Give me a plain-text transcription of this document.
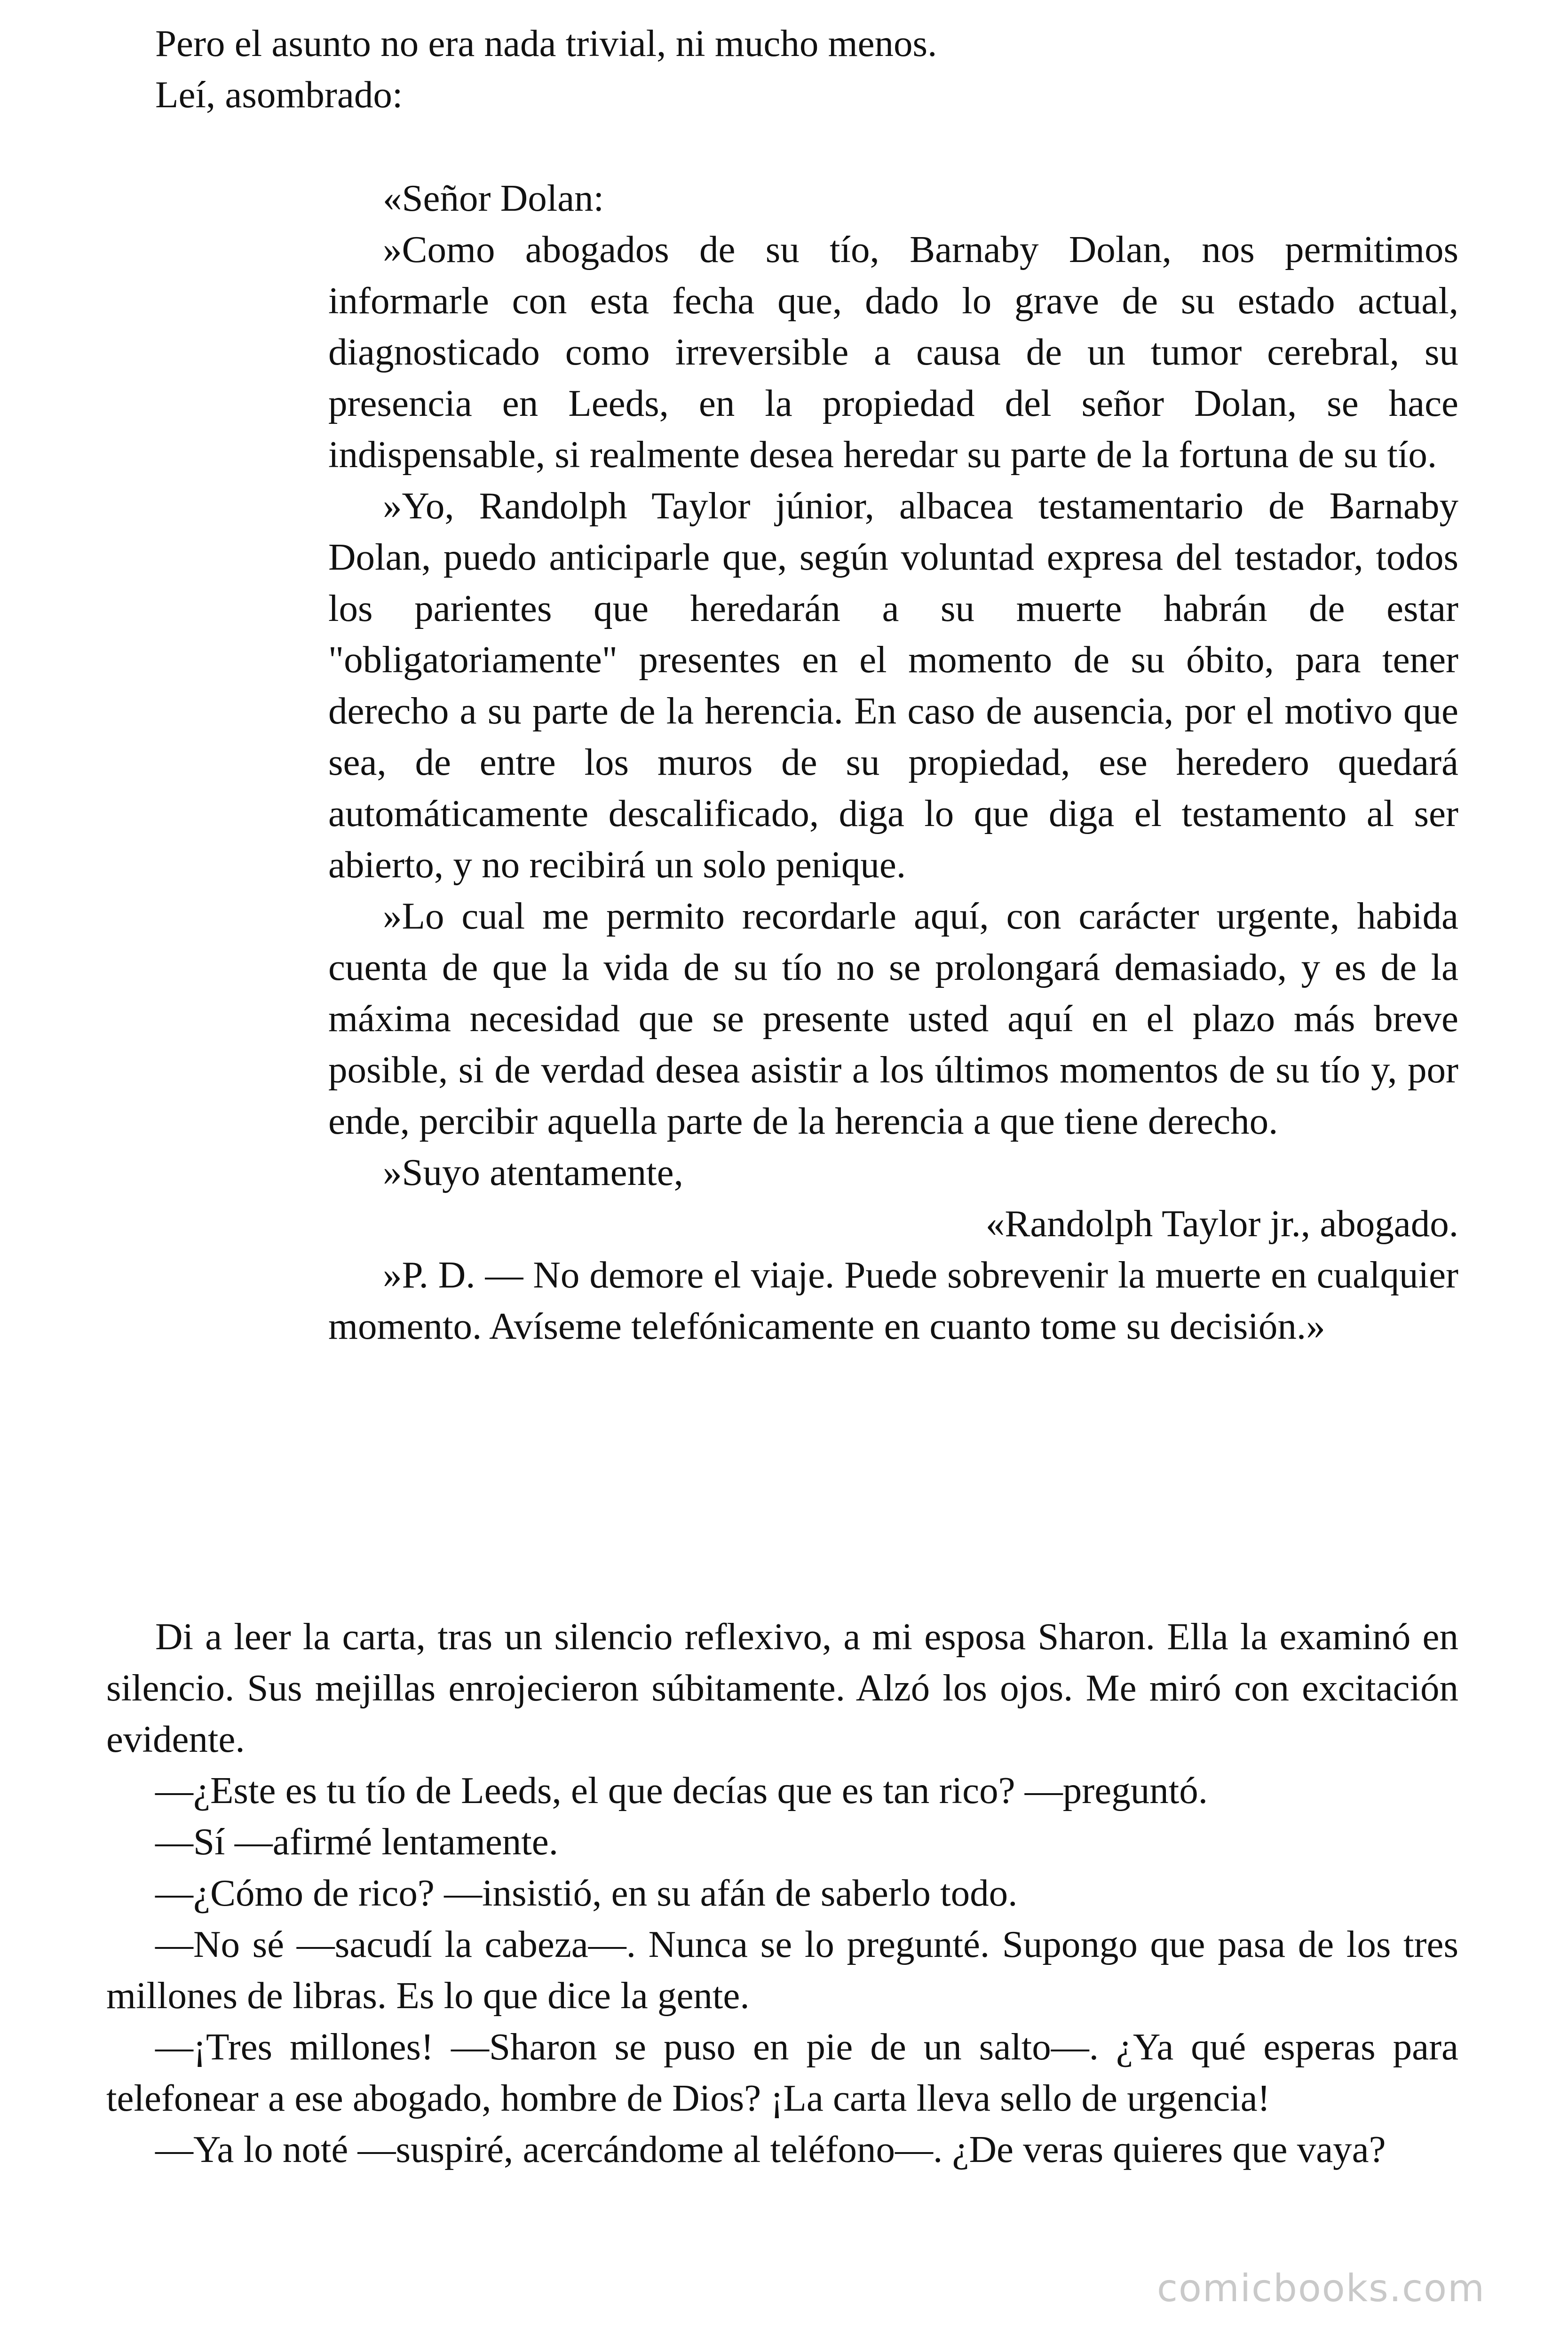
Pero el asunto no era nada trivial, ni mucho menos.

Leí, asombrado:

«Señor Dolan:

»Como abogados de su tío, Barnaby Dolan, nos permitimos informarle con esta fecha que, dado lo grave de su estado actual, diagnosticado como irreversible a causa de un tumor cerebral, su presencia en Leeds, en la propiedad del señor Dolan, se hace indispensable, si realmente desea heredar su parte de la fortuna de su tío.

»Yo, Randolph Taylor júnior, albacea testamentario de Barnaby Dolan, puedo anticiparle que, según voluntad expresa del testador, todos los parientes que heredarán a su muerte habrán de estar "obligatoriamente" presentes en el momento de su óbito, para tener derecho a su parte de la herencia. En caso de ausencia, por el motivo que sea, de entre los muros de su propiedad, ese heredero quedará automáticamente descalificado, diga lo que diga el testamento al ser abierto, y no recibirá un solo penique.

»Lo cual me permito recordarle aquí, con carácter urgente, habida cuenta de que la vida de su tío no se prolongará demasiado, y es de la máxima necesidad que se presente usted aquí en el plazo más breve posible, si de verdad desea asistir a los últimos momentos de su tío y, por ende, percibir aquella parte de la herencia a que tiene derecho.

»Suyo atentamente,

«Randolph Taylor jr., abogado.

»P. D. — No demore el viaje. Puede sobrevenir la muerte en cualquier momento. Avíseme telefónicamente en cuanto tome su decisión.»

Di a leer la carta, tras un silencio reflexivo, a mi esposa Sharon. Ella la examinó en silencio. Sus mejillas enrojecieron súbitamente. Alzó los ojos. Me miró con excitación evidente.

—¿Este es tu tío de Leeds, el que decías que es tan rico? —preguntó.

—Sí —afirmé lentamente.

—¿Cómo de rico? —insistió, en su afán de saberlo todo.

—No sé —sacudí la cabeza—. Nunca se lo pregunté. Supongo que pasa de los tres millones de libras. Es lo que dice la gente.

—¡Tres millones! —Sharon se puso en pie de un salto—. ¿Ya qué esperas para telefonear a ese abogado, hombre de Dios? ¡La carta lleva sello de urgencia!

—Ya lo noté —suspiré, acercándome al teléfono—. ¿De veras quieres que vaya?

comicbooks.com
